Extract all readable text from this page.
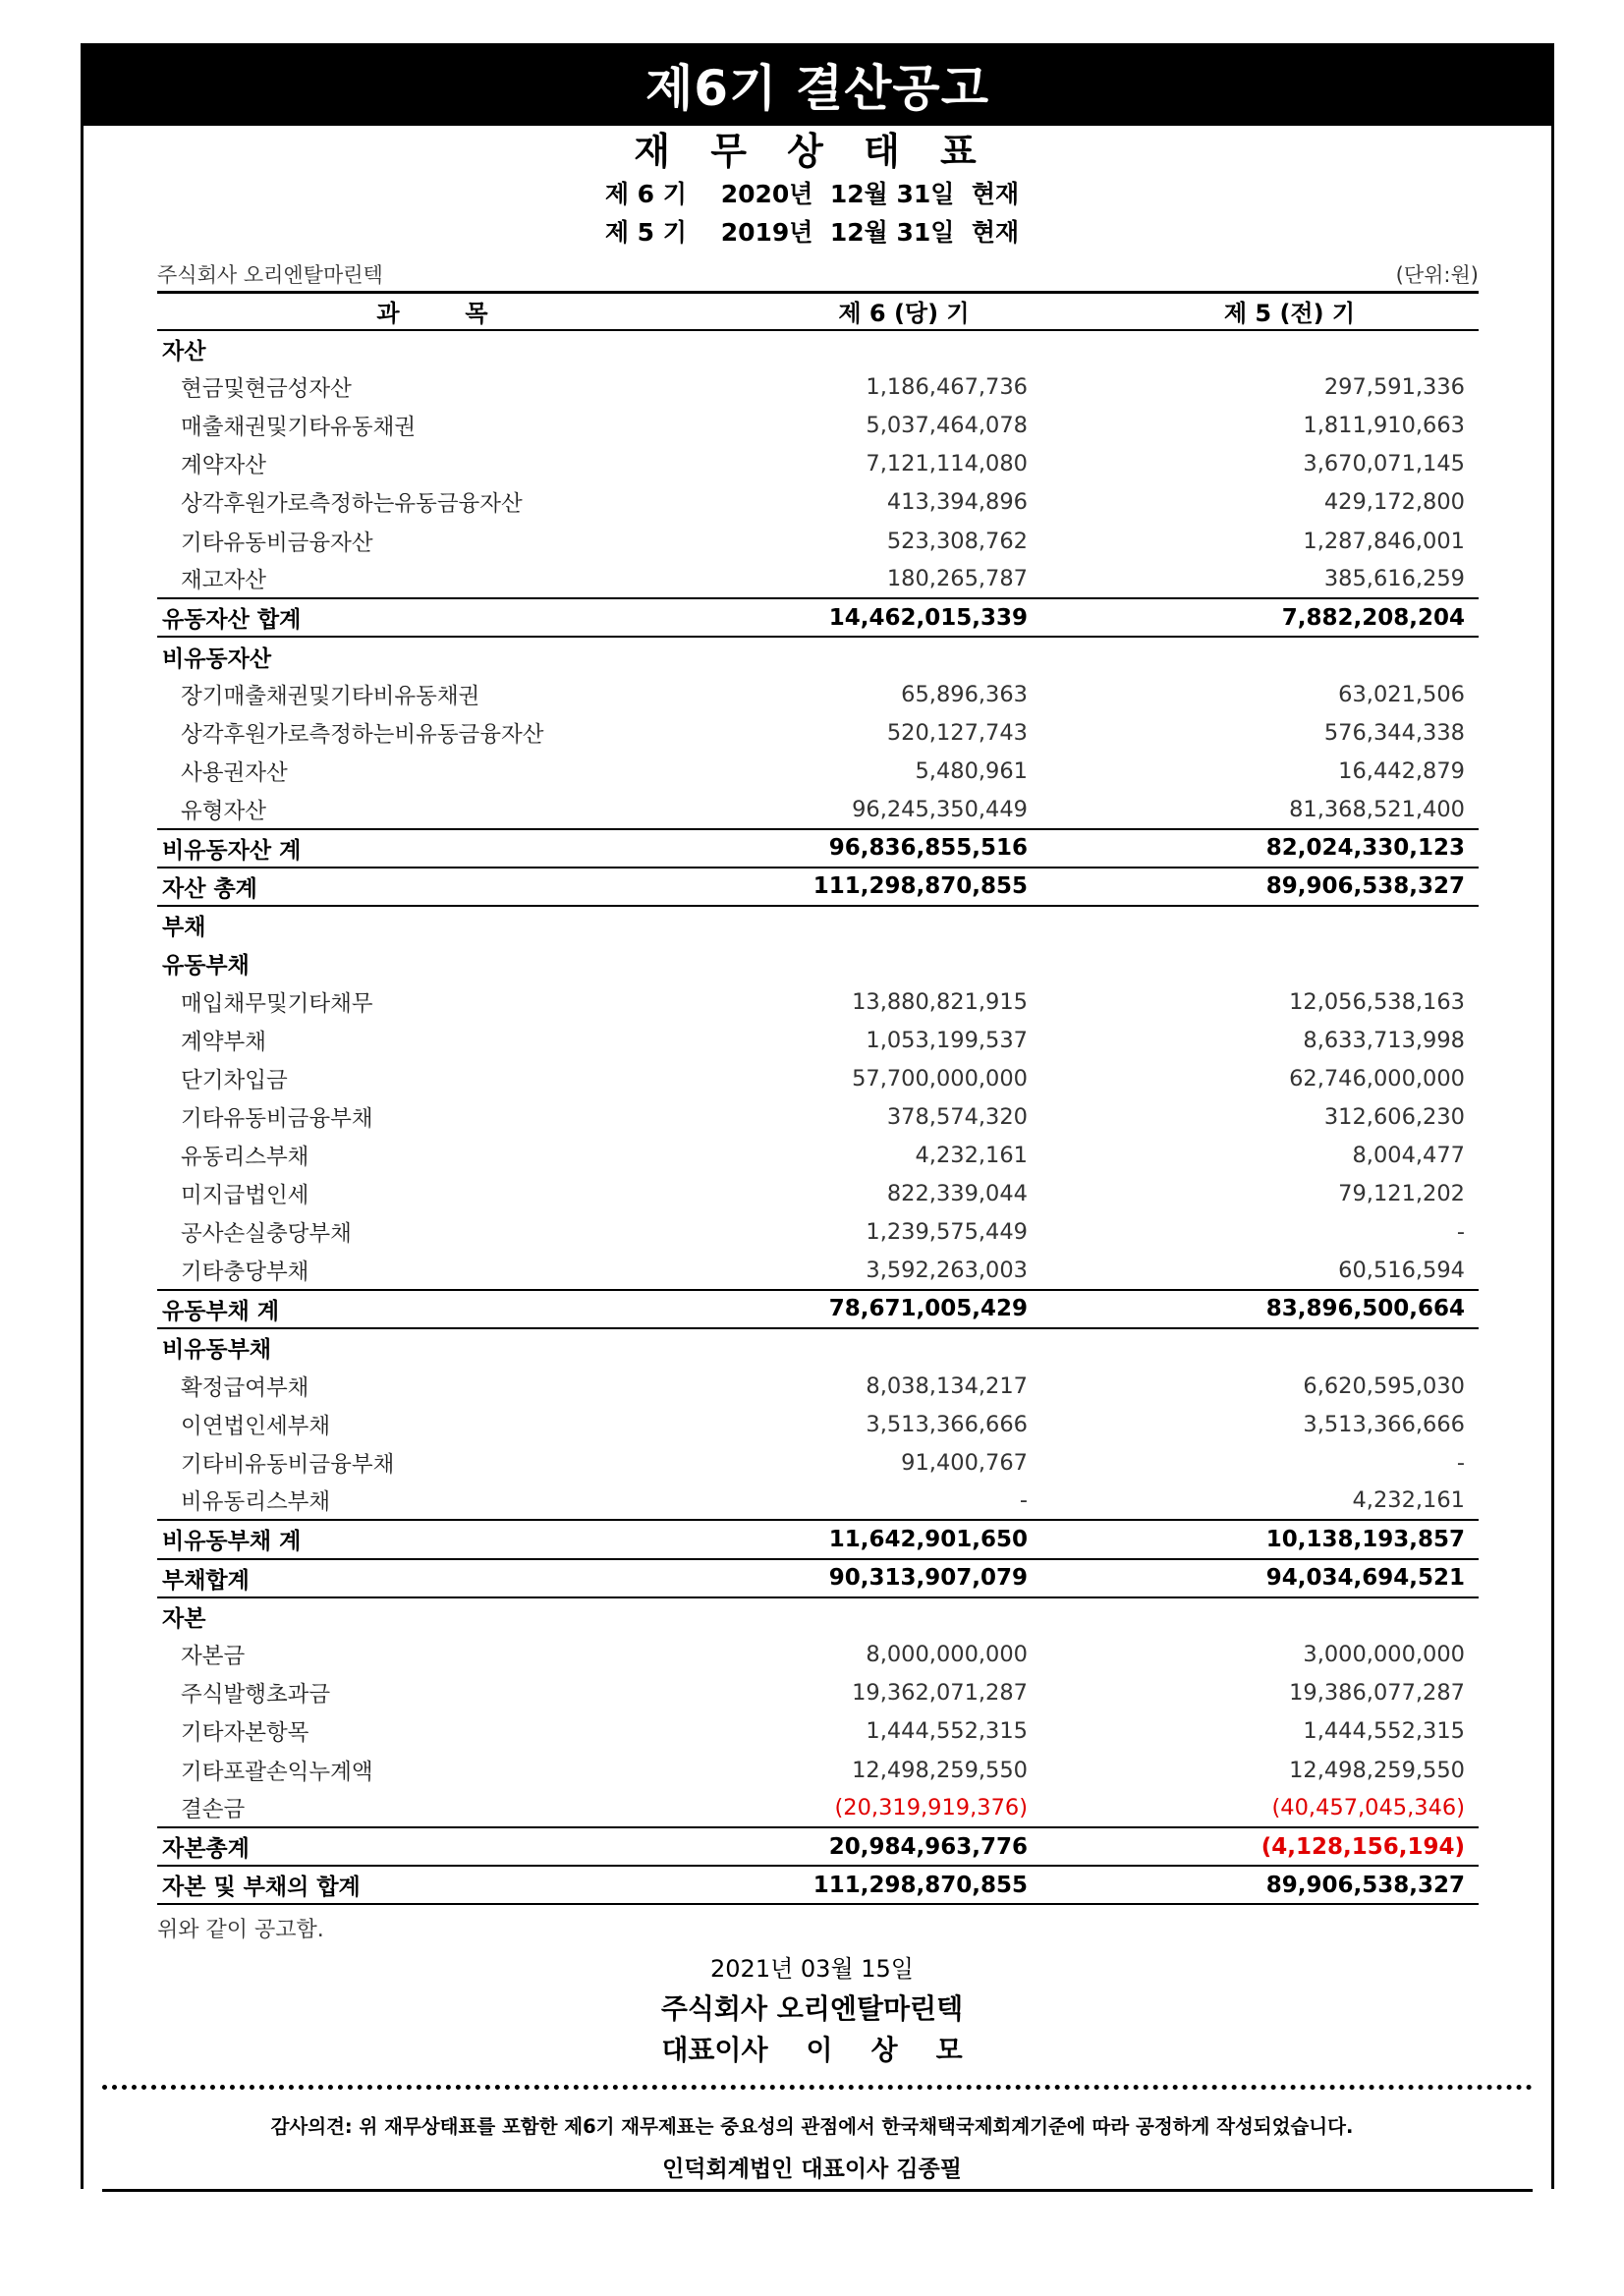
제6기 결산공고
재 무 상 태 표
제 6 기    2020년  12월 31일  현재
제 5 기    2019년  12월 31일  현재
주식회사 오리엔탈마린텍	(단위:원)
과        목	제 6 (당) 기	제 5 (전) 기
자산		
현금및현금성자산	1,186,467,736	297,591,336
매출채권및기타유동채권	5,037,464,078	1,811,910,663
계약자산	7,121,114,080	3,670,071,145
상각후원가로측정하는유동금융자산	413,394,896	429,172,800
기타유동비금융자산	523,308,762	1,287,846,001
재고자산	180,265,787	385,616,259
유동자산 합계	14,462,015,339	7,882,208,204
비유동자산		
장기매출채권및기타비유동채권	65,896,363	63,021,506
상각후원가로측정하는비유동금융자산	520,127,743	576,344,338
사용권자산	5,480,961	16,442,879
유형자산	96,245,350,449	81,368,521,400
비유동자산 계	96,836,855,516	82,024,330,123
자산 총계	111,298,870,855	89,906,538,327
부채		
유동부채		
매입채무및기타채무	13,880,821,915	12,056,538,163
계약부채	1,053,199,537	8,633,713,998
단기차입금	57,700,000,000	62,746,000,000
기타유동비금융부채	378,574,320	312,606,230
유동리스부채	4,232,161	8,004,477
미지급법인세	822,339,044	79,121,202
공사손실충당부채	1,239,575,449	-
기타충당부채	3,592,263,003	60,516,594
유동부채 계	78,671,005,429	83,896,500,664
비유동부채		
확정급여부채	8,038,134,217	6,620,595,030
이연법인세부채	3,513,366,666	3,513,366,666
기타비유동비금융부채	91,400,767	-
비유동리스부채	-	4,232,161
비유동부채 계	11,642,901,650	10,138,193,857
부채합계	90,313,907,079	94,034,694,521
자본		
자본금	8,000,000,000	3,000,000,000
주식발행초과금	19,362,071,287	19,386,077,287
기타자본항목	1,444,552,315	1,444,552,315
기타포괄손익누계액	12,498,259,550	12,498,259,550
결손금	(20,319,919,376)	(40,457,045,346)
자본총계	20,984,963,776	(4,128,156,194)
자본 및 부채의 합계	111,298,870,855	89,906,538,327
위와 같이 공고함.
2021년 03월 15일
주식회사 오리엔탈마린텍
대표이사    이    상    모
감사의견: 위 재무상태표를 포함한 제6기 재무제표는 중요성의 관점에서 한국채택국제회계기준에 따라 공정하게 작성되었습니다.
인덕회계법인 대표이사 김종필
